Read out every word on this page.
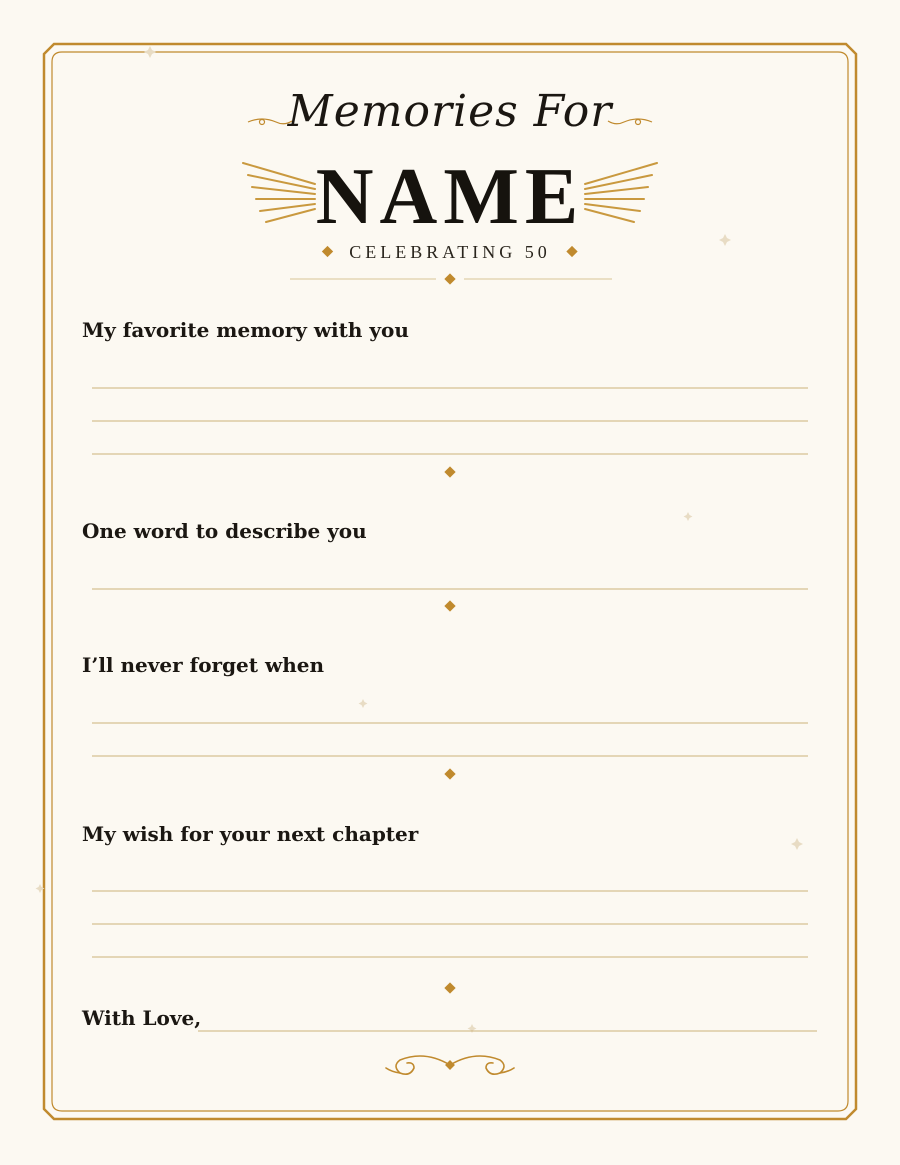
Memories For
NAME
CELEBRATING 50
My favorite memory with you
One word to describe you
I’ll never forget when
My wish for your next chapter
With Love,
